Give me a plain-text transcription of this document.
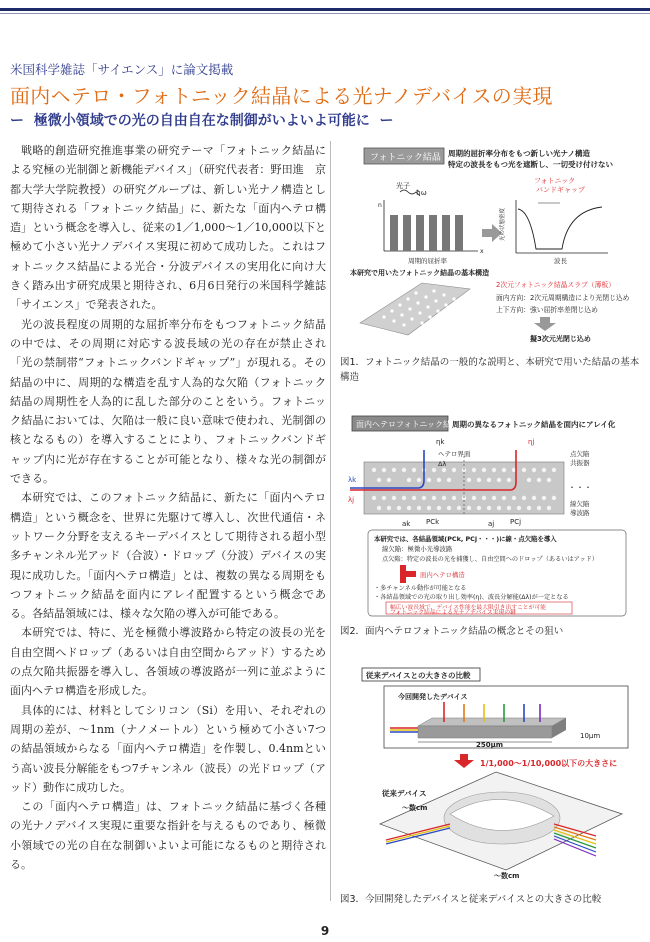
米国科学雑誌「サイエンス」に論文掲載
面内ヘテロ・フォトニック結晶による光ナノデバイスの実現
ー 極微小領域での光の自由自在な制御がいよいよ可能に ー

戦略的創造研究推進事業の研究テーマ「フォトニック結晶による究極の光制御と新機能デバイス」（研究代表者：野田進　京都大学大学院教授）の研究グループは、新しい光ナノ構造として期待される「フォトニック結晶」に、新たな「面内ヘテロ構造」という概念を導入し、従来の1／1,000〜1／10,000以下と極めて小さい光ナノデバイス実現に初めて成功した。これはフォトニックス結晶による光合・分波デバイスの実用化に向け大きく踏み出す研究成果と期待され、6月6日発行の米国科学雑誌「サイエンス」で発表された。

光の波長程度の周期的な屈折率分布をもつフォトニック結晶の中では、その周期に対応する波長域の光の存在が禁止され「光の禁制帯“フォトニックバンドギャップ”」が現れる。その結晶の中に、周期的な構造を乱す人為的な欠陥（フォトニック結晶の周期性を人為的に乱した部分のことをいう。フォトニック結晶においては、欠陥は一般に良い意味で使われ、光制御の核となるもの）を導入することにより、フォトニックバンドギャップ内に光が存在することが可能となり、様々な光の制御ができる。

本研究では、このフォトニック結晶に、新たに「面内ヘテロ構造」という概念を、世界に先駆けて導入し、次世代通信・ネットワーク分野を支えるキーデバイスとして期待される超小型多チャンネル光アッド（合波）・ドロップ（分波）デバイスの実現に成功した。「面内ヘテロ構造」とは、複数の異なる周期をもつフォトニック結晶を面内にアレイ配置するという概念である。各結晶領域には、様々な欠陥の導入が可能である。

本研究では、特に、光を極微小導波路から特定の波長の光を自由空間へドロップ（あるいは自由空間からアッド）するための点欠陥共振器を導入し、各領域の導波路が一列に並ぶように面内ヘテロ構造を形成した。

具体的には、材料としてシリコン（Si）を用い、それぞれの周期の差が、〜1nm（ナノメートル）という極めて小さい7つの結晶領域からなる「面内ヘテロ構造」を作製し、0.4nmという高い波長分解能をもつ7チャンネル（波長）の光ドロップ（アッド）動作に成功した。

この「面内ヘテロ構造」は、フォトニック結晶に基づく各種の光ナノデバイス実現に重要な指針を与えるものであり、極微小領域での光の自在な制御いよいよ可能になるものと期待される。

フォトニック結晶 周期的屈折率分布をもつ新しい光ナノ構造
特定の波長をもつ光を遮断し、一切受け付けない
光子
ħω
n
x
周期的屈折率
フォトニック
バンドギャップ
光の状態密度
波長
本研究で用いたフォトニック結晶の基本構造
2次元フォトニック結晶スラブ（薄板）
面内方向：2次元周期構造により光閉じ込め
上下方向：強い屈折率差閉じ込め
擬3次元光閉じ込め
図1．フォトニック結晶の一般的な説明と、本研究で用いた結晶の基本構造
面内ヘテロフォトニック結晶
周期の異なるフォトニック結晶を面内にアレイ化
ヘテロ界面
ηk	ηj
Δλ
λk
λj
点欠陥
共振器
・・・
線欠陥
導波路
ak PCk	aj PCj
本研究では、各結晶領域(PCk, PCj・・・)に線・点欠陥を導入
線欠陥：極微小光導波路
点欠陥：特定の波長の光を捕獲し、自由空間へのドロップ（あるいはアッド）
面内ヘテロ構造
・多チャンネル動作が可能となる
・各結晶領域での光の取り出し効率(η)、波長分解能(Δλ)が一定となる
幅広い波長域で、デバイス性能を最大限引き出すことが可能
フォトニック結晶による光ナノデバイス実現の鍵
図2．面内ヘテロフォトニック結晶の概念とその狙い
従来デバイスとの大きさの比較
今回開発したデバイス
10μm
250μm
1/1,000〜1/10,000以下の大きさに
従来デバイス
〜数cm
〜数cm
図3．今回開発したデバイスと従来デバイスとの大きさの比較
9
